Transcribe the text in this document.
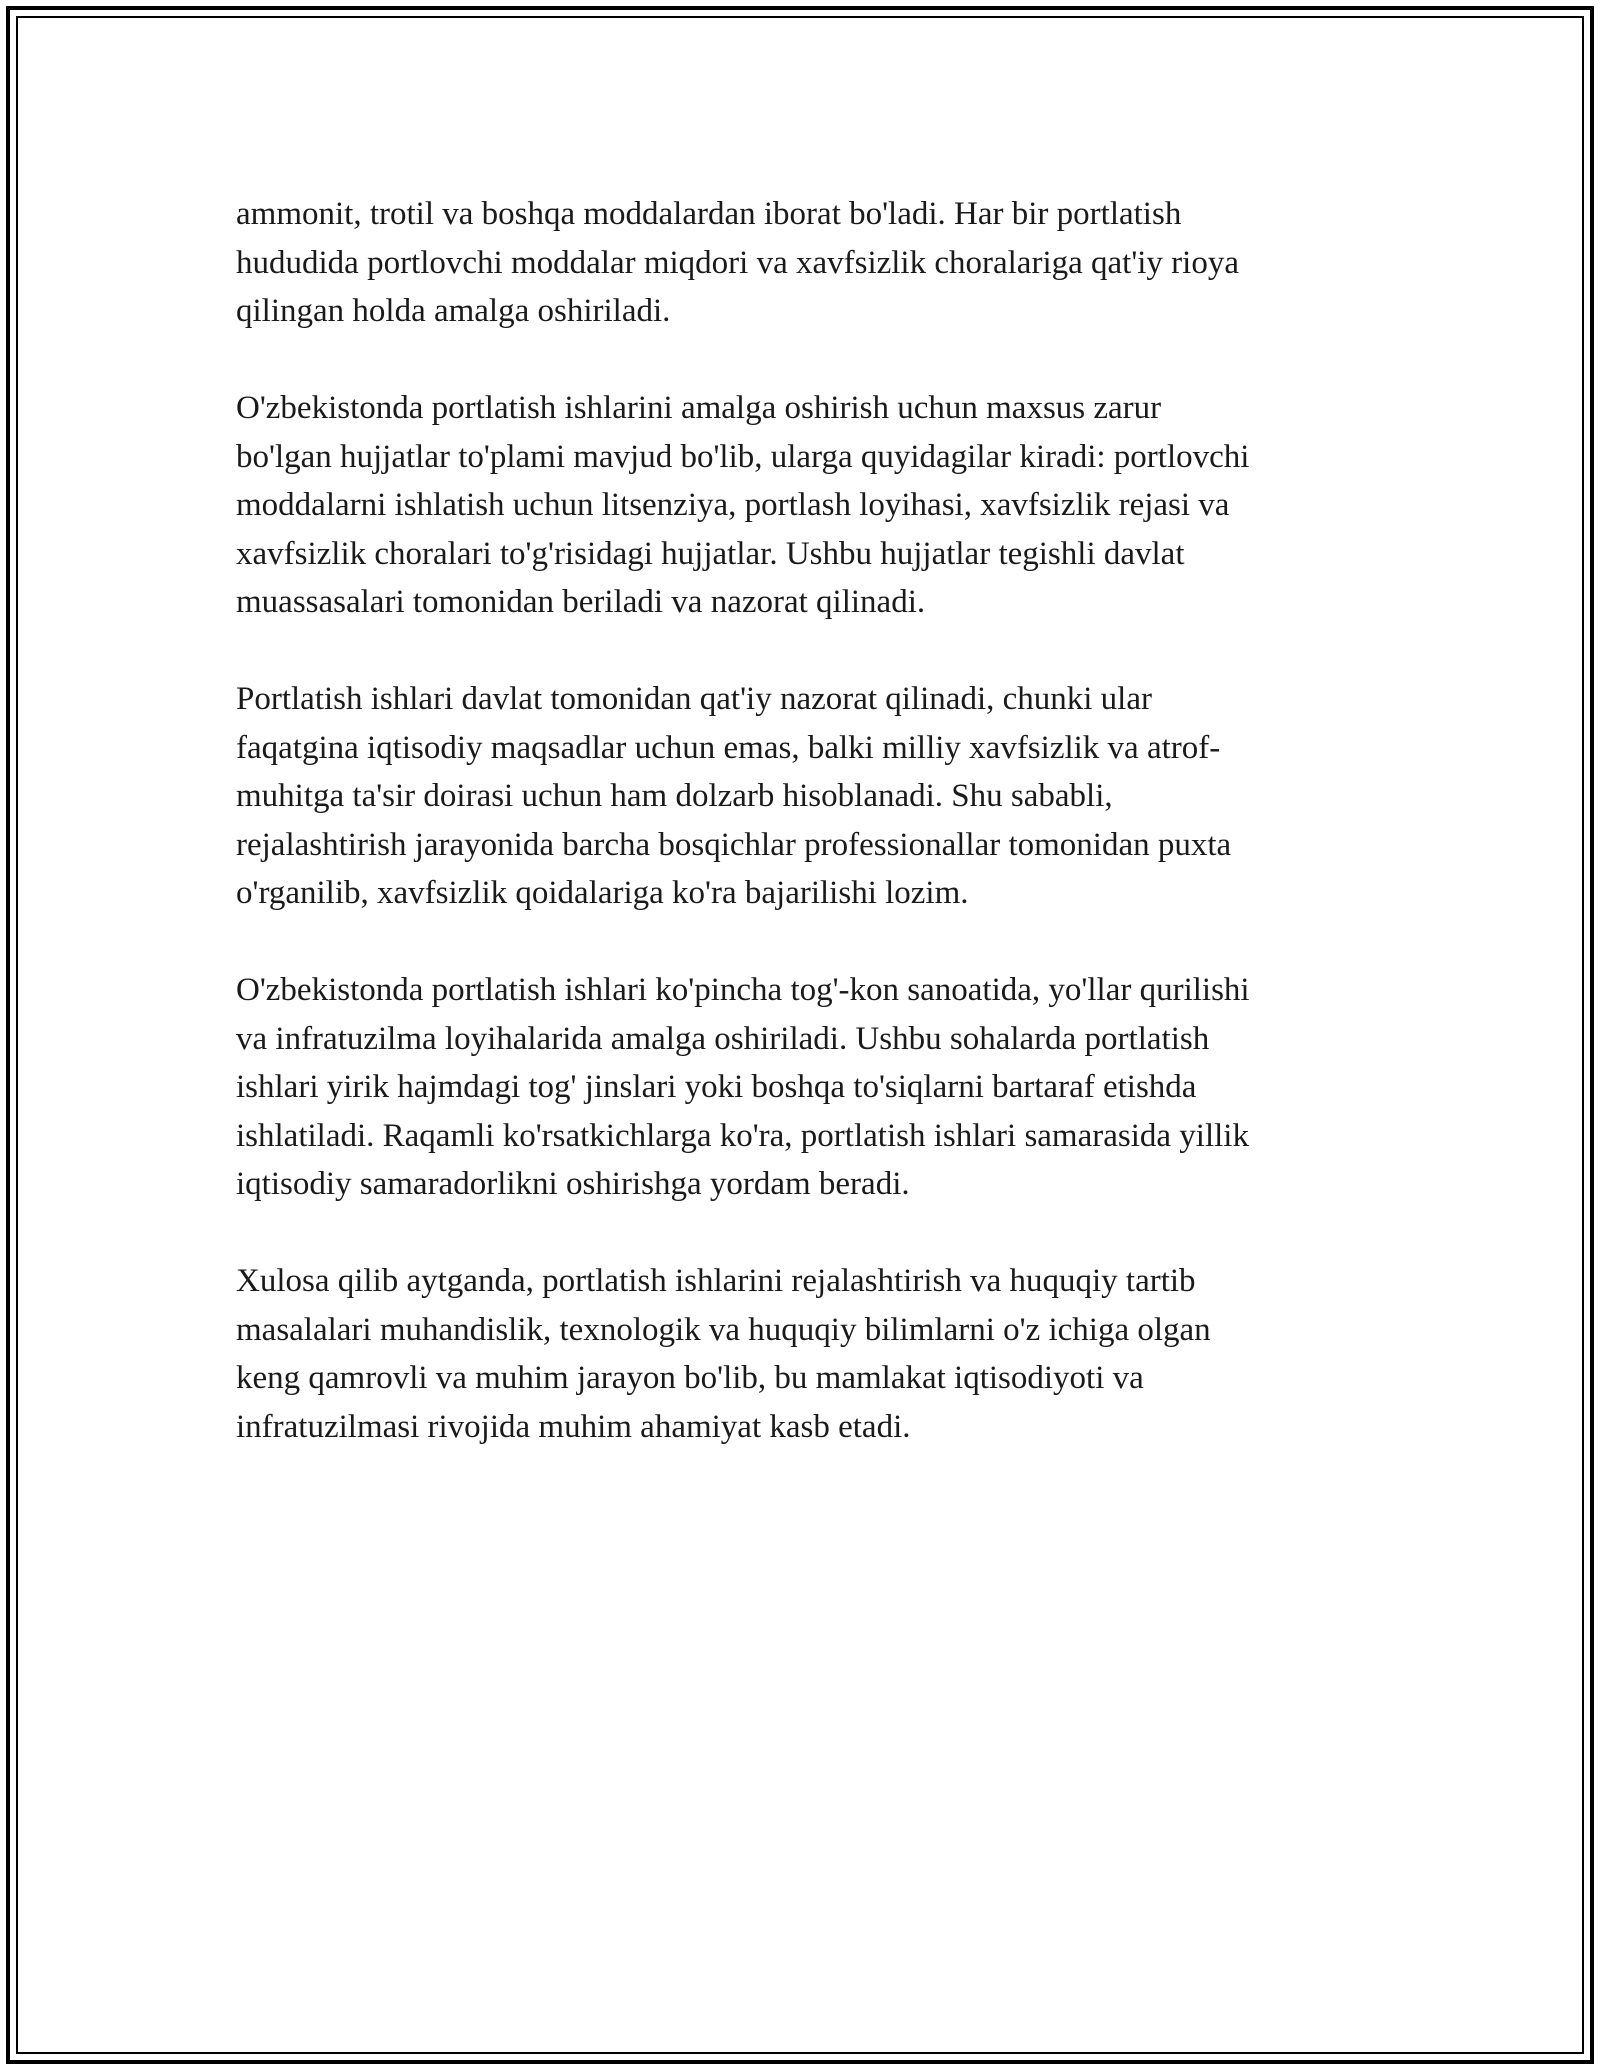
ammonit, trotil va boshqa moddalardan iborat bo'ladi. Har bir portlatish
hududida portlovchi moddalar miqdori va xavfsizlik choralariga qat'iy rioya
qilingan holda amalga oshiriladi.

O'zbekistonda portlatish ishlarini amalga oshirish uchun maxsus zarur
bo'lgan hujjatlar to'plami mavjud bo'lib, ularga quyidagilar kiradi: portlovchi
moddalarni ishlatish uchun litsenziya, portlash loyihasi, xavfsizlik rejasi va
xavfsizlik choralari to'g'risidagi hujjatlar. Ushbu hujjatlar tegishli davlat
muassasalari tomonidan beriladi va nazorat qilinadi.

Portlatish ishlari davlat tomonidan qat'iy nazorat qilinadi, chunki ular
faqatgina iqtisodiy maqsadlar uchun emas, balki milliy xavfsizlik va atrof-
muhitga ta'sir doirasi uchun ham dolzarb hisoblanadi. Shu sababli,
rejalashtirish jarayonida barcha bosqichlar professionallar tomonidan puxta
o'rganilib, xavfsizlik qoidalariga ko'ra bajarilishi lozim.

O'zbekistonda portlatish ishlari ko'pincha tog'-kon sanoatida, yo'llar qurilishi
va infratuzilma loyihalarida amalga oshiriladi. Ushbu sohalarda portlatish
ishlari yirik hajmdagi tog' jinslari yoki boshqa to'siqlarni bartaraf etishda
ishlatiladi. Raqamli ko'rsatkichlarga ko'ra, portlatish ishlari samarasida yillik
iqtisodiy samaradorlikni oshirishga yordam beradi.

Xulosa qilib aytganda, portlatish ishlarini rejalashtirish va huquqiy tartib
masalalari muhandislik, texnologik va huquqiy bilimlarni o'z ichiga olgan
keng qamrovli va muhim jarayon bo'lib, bu mamlakat iqtisodiyoti va
infratuzilmasi rivojida muhim ahamiyat kasb etadi.
